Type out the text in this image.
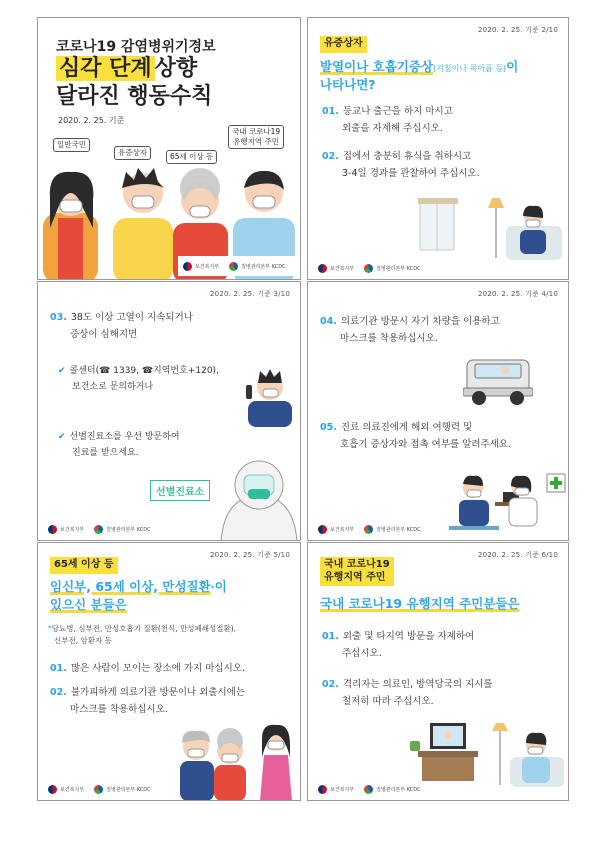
코로나19 감염병위기경보
심각 단계 상향
달라진 행동수칙
2020. 2. 25. 기준
일반국민
유증상자	65세 이상 등
국내 코로나19
유행지역 주민
보건복지부	질병관리본부 KCDC
2020. 2. 25. 기준 2/10
유증상자
발열이나 호흡기증상(기침이나 목아픔 등)이
나타나면?
01. 등교나 출근을 하지 마시고
외출을 자제해 주십시오.
02. 집에서 충분히 휴식을 취하시고
3-4일 경과를 관찰하여 주십시오.
보건복지부	질병관리본부 KCDC
2020. 2. 25. 기준 3/10
03. 38도 이상 고열이 지속되거나
증상이 심해지면
✔ 콜센터(☎ 1339, ☎지역번호+120),
보건소로 문의하거나
✔ 선별진료소를 우선 방문하여
진료를 받으세요.
선별진료소
보건복지부	질병관리본부 KCDC
2020. 2. 25. 기준 4/10
04. 의료기관 방문시 자기 차량을 이용하고
마스크를 착용하십시오.
05. 진료 의료진에게 해외 여행력 및
호흡기 증상자와 접촉 여부를 알려주세요.
보건복지부	질병관리본부 KCDC
2020. 2. 25. 기준 5/10
65세 이상 등
임신부, 65세 이상, 만성질환*이
있으신 분들은
*당뇨병, 심부전, 만성호흡기 질환(천식, 만성폐쇄성질환),
신부전, 암환자 등
01. 많은 사람이 모이는 장소에 가지 마십시오.
02. 불가피하게 의료기관 방문이나 외출시에는
마스크를 착용하십시오.
보건복지부	질병관리본부 KCDC
2020. 2. 25. 기준 6/10
국내 코로나19
유행지역 주민
국내 코로나19 유행지역 주민분들은
01. 외출 및 타지역 방문을 자제하여
주십시오.
02. 격리자는 의료인, 방역당국의 지시를
철저히 따라 주십시오.
보건복지부	질병관리본부 KCDC
